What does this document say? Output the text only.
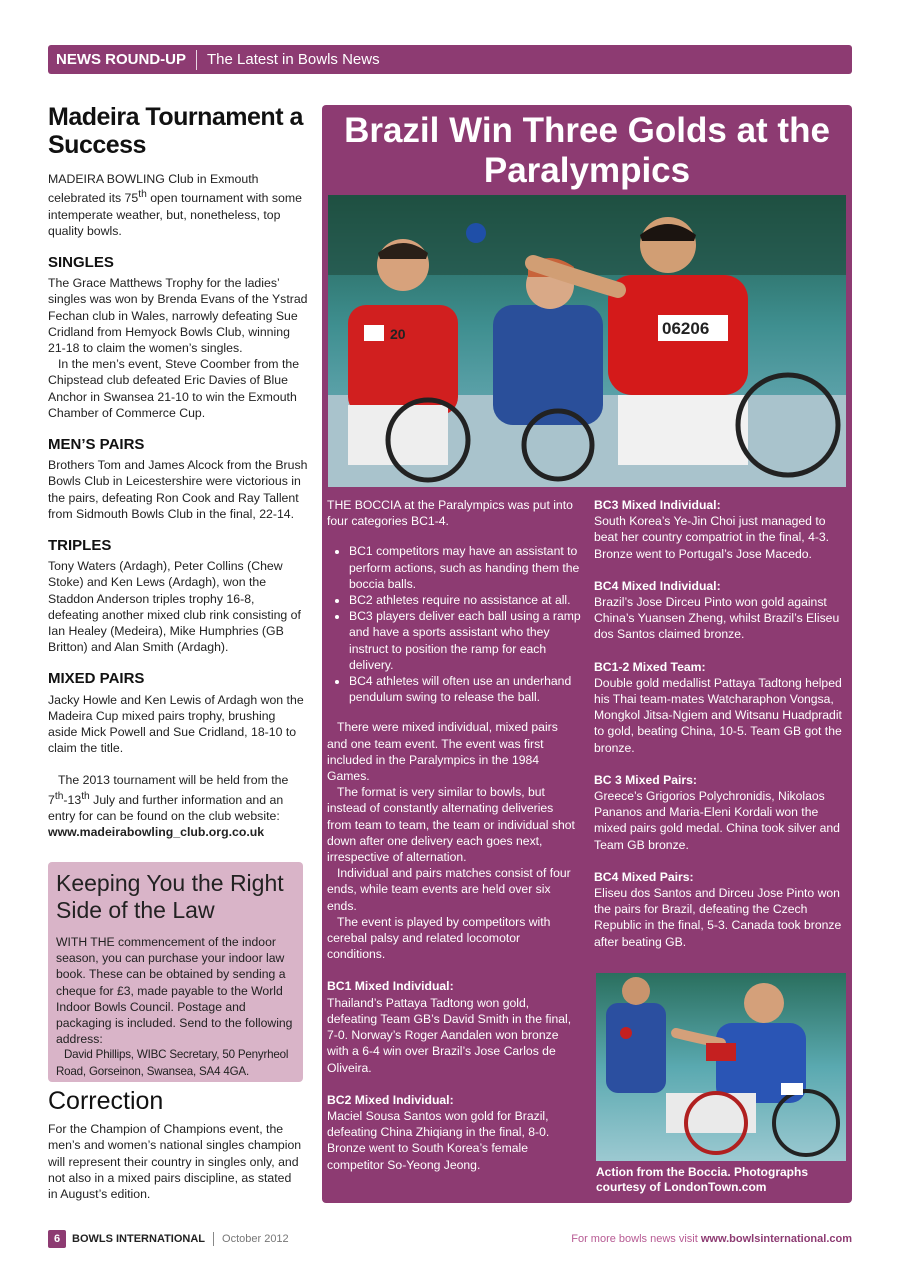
NEWS ROUND-UP	The Latest in Bowls News
Madeira Tournament a Success

MADEIRA BOWLING Club in Exmouth celebrated its 75th open tournament with some intemperate weather, but, nonetheless, top quality bowls.

SINGLES

The Grace Matthews Trophy for the ladies’ singles was won by Brenda Evans of the Ystrad Fechan club in Wales, narrowly defeating Sue Cridland from Hemyock Bowls Club, winning 21-18 to claim the women’s singles.

In the men’s event, Steve Coomber from the Chipstead club defeated Eric Davies of Blue Anchor in Swansea 21-10 to win the Exmouth Chamber of Commerce Cup.

MEN’S PAIRS

Brothers Tom and James Alcock from the Brush Bowls Club in Leicestershire were victorious in the pairs, defeating Ron Cook and Ray Tallent from Sidmouth Bowls Club in the final, 22-14.

TRIPLES

Tony Waters (Ardagh), Peter Collins (Chew Stoke) and Ken Lews (Ardagh), won the Staddon Anderson triples trophy 16-8, defeating another mixed club rink consisting of Ian Healey (Medeira), Mike Humphries (GB Britton) and Alan Smith (Ardagh).

MIXED PAIRS

Jacky Howle and Ken Lewis of Ardagh won the Madeira Cup mixed pairs trophy, brushing aside Mick Powell and Sue Cridland, 18-10 to claim the title.

The 2013 tournament will be held from the 7th-13th July and further information and an entry for can be found on the club website: www.madeirabowling_club.org.co.uk

Keeping You the Right Side of the Law

WITH THE commencement of the indoor season, you can purchase your indoor law book. These can be obtained by sending a cheque for £3, made payable to the World Indoor Bowls Council. Postage and packaging is included. Send to the following address:

David Phillips, WIBC Secretary, 50 Penyrheol Road, Gorseinon, Swansea, SA4 4GA.

Correction

For the Champion of Champions event, the men’s and women’s national singles champion will represent their country in singles only, and not also in a mixed pairs discipline, as stated in August’s edition.

Brazil Win Three Golds at the Paralympics
20	06206

THE BOCCIA at the Paralympics was put into four categories BC1-4.

• BC1 competitors may have an assistant to perform actions, such as handing them the boccia balls.
• BC2 athletes require no assistance at all.
• BC3 players deliver each ball using a ramp and have a sports assistant who they instruct to position the ramp for each delivery.
• BC4 athletes will often use an underhand pendulum swing to release the ball.

There were mixed individual, mixed pairs and one team event. The event was first included in the Paralympics in the 1984 Games.

The format is very similar to bowls, but instead of constantly alternating deliveries from team to team, the team or individual shot down after one delivery each goes next, irrespective of alternation.

Individual and pairs matches consist of four ends, while team events are held over six ends.

The event is played by competitors with cerebal palsy and related locomotor conditions.

BC1 Mixed Individual:

Thailand’s Pattaya Tadtong won gold, defeating Team GB’s David Smith in the final, 7-0. Norway’s Roger Aandalen won bronze with a 6-4 win over Brazil’s Jose Carlos de Oliveira.

BC2 Mixed Individual:

Maciel Sousa Santos won gold for Brazil, defeating China Zhiqiang in the final, 8-0. Bronze went to South Korea’s female competitor So-Yeong Jeong.

BC3 Mixed Individual:

South Korea’s Ye-Jin Choi just managed to beat her country compatriot in the final, 4-3. Bronze went to Portugal’s Jose Macedo.

BC4 Mixed Individual:

Brazil’s Jose Dirceu Pinto won gold against China’s Yuansen Zheng, whilst Brazil’s Eliseu dos Santos claimed bronze.

BC1-2 Mixed Team:

Double gold medallist Pattaya Tadtong helped his Thai team-mates Watcharaphon Vongsa, Mongkol Jitsa-Ngiem and Witsanu Huadpradit to gold, beating China, 10-5. Team GB got the bronze.

BC 3 Mixed Pairs:

Greece’s Grigorios Polychronidis, Nikolaos Pananos and Maria-Eleni Kordali won the mixed pairs gold medal. China took silver and Team GB bronze.

BC4 Mixed Pairs:

Eliseu dos Santos and Dirceu Jose Pinto won the pairs for Brazil, defeating the Czech Republic in the final, 5-3. Canada took bronze after beating GB.

Action from the Boccia. Photographs courtesy of LondonTown.com
6	BOWLS INTERNATIONAL October 2012	For more bowls news visit www.bowlsinternational.com
